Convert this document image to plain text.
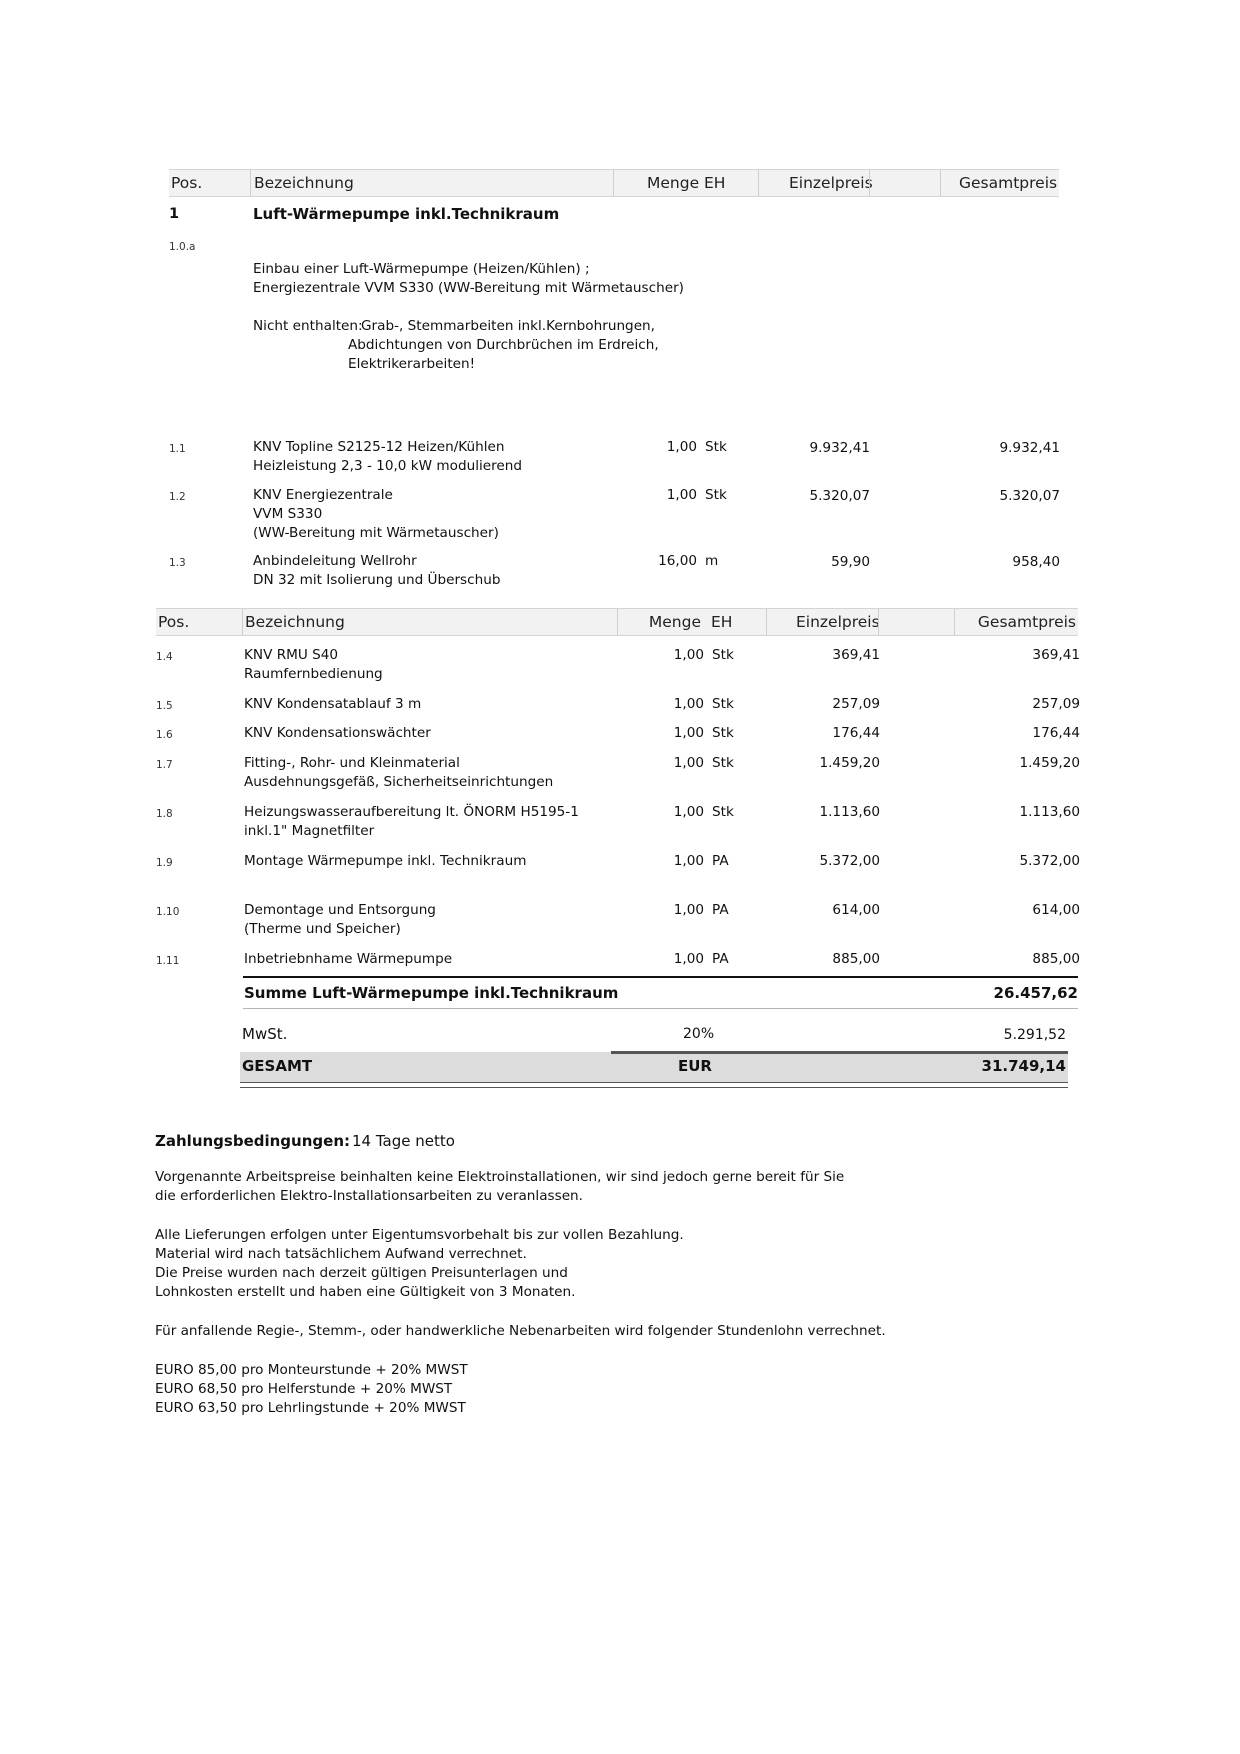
Pos.	Bezeichnung	Menge EH	Einzelpreis	Gesamtpreis
1	Luft-Wärmepumpe inkl.Technikraum
1.0.a
Einbau einer Luft-Wärmepumpe (Heizen/Kühlen) ;
Energiezentrale VVM S330 (WW-Bereitung mit Wärmetauscher)
Nicht enthalten:
Grab-, Stemmarbeiten inkl.Kernbohrungen,
Abdichtungen von Durchbrüchen im Erdreich,
Elektrikerarbeiten!
1.1	KNV Topline S2125-12 Heizen/Kühlen
Heizleistung 2,3 - 10,0 kW modulierend
1,00 Stk	9.932,41	9.932,41
1.2	KNV Energiezentrale
VVM S330
(WW-Bereitung mit Wärmetauscher)
1,00 Stk	5.320,07	5.320,07
1.3	Anbindeleitung Wellrohr
DN 32 mit Isolierung und Überschub
16,00 m	59,90	958,40
Pos.	Bezeichnung	Menge EH	Einzelpreis	Gesamtpreis
1.4	KNV RMU S40
Raumfernbedienung
1,00 Stk	369,41	369,41
1.5	KNV Kondensatablauf 3 m	1,00 Stk	257,09	257,09
1.6	KNV Kondensationswächter	1,00 Stk	176,44	176,44
1.7	Fitting-, Rohr- und Kleinmaterial
Ausdehnungsgefäß, Sicherheitseinrichtungen
1,00 Stk	1.459,20	1.459,20
1.8	Heizungswasseraufbereitung lt. ÖNORM H5195-1
inkl.1" Magnetfilter
1,00 Stk	1.113,60	1.113,60
1.9	Montage Wärmepumpe inkl. Technikraum	1,00 PA	5.372,00	5.372,00
1.10	Demontage und Entsorgung
(Therme und Speicher)
1,00 PA	614,00	614,00
1.11	Inbetriebnhame Wärmepumpe	1,00 PA	885,00	885,00
Summe Luft-Wärmepumpe inkl.Technikraum	26.457,62
MwSt.	20%	5.291,52
GESAMT	EUR	31.749,14
Zahlungsbedingungen: 14 Tage netto
Vorgenannte Arbeitspreise beinhalten keine Elektroinstallationen, wir sind jedoch gerne bereit für Sie
die erforderlichen Elektro-Installationsarbeiten zu veranlassen.
Alle Lieferungen erfolgen unter Eigentumsvorbehalt bis zur vollen Bezahlung.
Material wird nach tatsächlichem Aufwand verrechnet.
Die Preise wurden nach derzeit gültigen Preisunterlagen und
Lohnkosten erstellt und haben eine Gültigkeit von 3 Monaten.
Für anfallende Regie-, Stemm-, oder handwerkliche Nebenarbeiten wird folgender Stundenlohn verrechnet.
EURO 85,00 pro Monteurstunde + 20% MWST
EURO 68,50 pro Helferstunde + 20% MWST
EURO 63,50 pro Lehrlingstunde + 20% MWST
